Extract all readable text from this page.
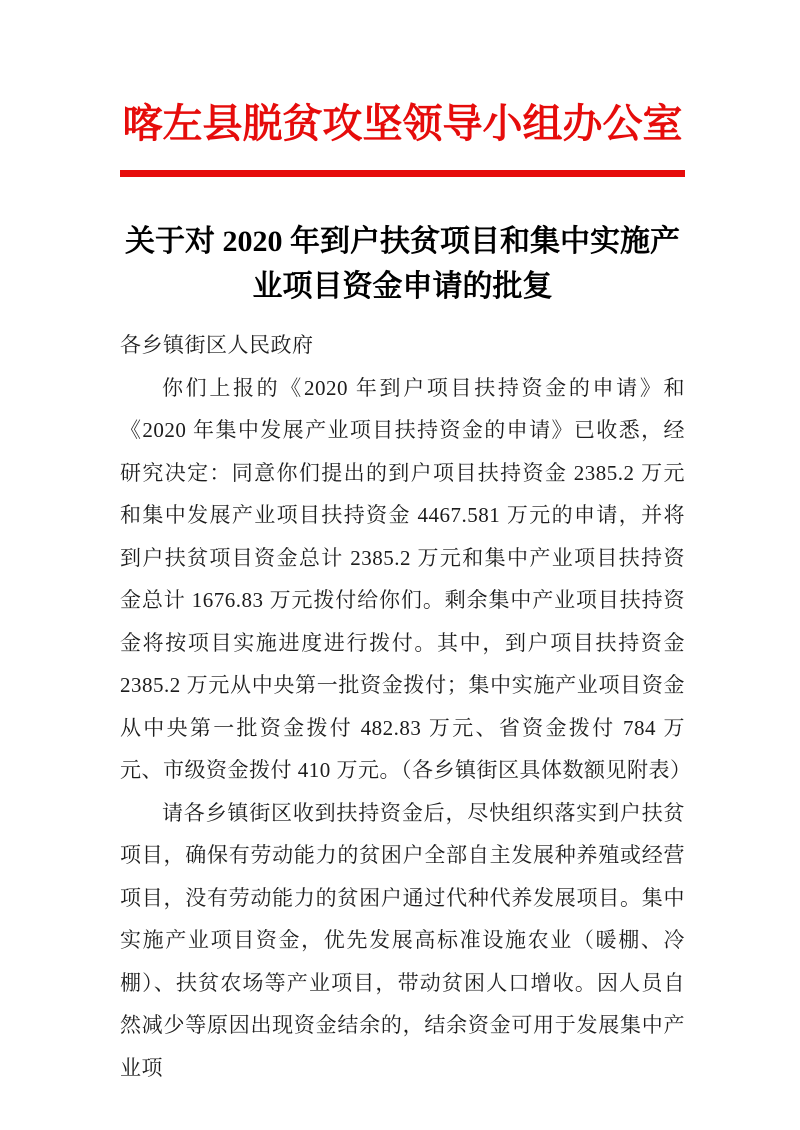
喀左县脱贫攻坚领导小组办公室
关于对 2020 年到户扶贫项目和集中实施产业项目资金申请的批复

各乡镇街区人民政府

你们上报的《2020 年到户项目扶持资金的申请》和《2020 年集中发展产业项目扶持资金的申请》已收悉，经研究决定：同意你们提出的到户项目扶持资金 2385.2 万元和集中发展产业项目扶持资金 4467.581 万元的申请，并将到户扶贫项目资金总计 2385.2 万元和集中产业项目扶持资金总计 1676.83 万元拨付给你们。剩余集中产业项目扶持资金将按项目实施进度进行拨付。其中，到户项目扶持资金 2385.2 万元从中央第一批资金拨付；集中实施产业项目资金从中央第一批资金拨付 482.83 万元、省资金拨付 784 万元、市级资金拨付 410 万元。（各乡镇街区具体数额见附表）

请各乡镇街区收到扶持资金后，尽快组织落实到户扶贫项目，确保有劳动能力的贫困户全部自主发展种养殖或经营项目，没有劳动能力的贫困户通过代种代养发展项目。集中实施产业项目资金，优先发展高标准设施农业（暖棚、冷棚）、扶贫农场等产业项目，带动贫困人口增收。因人员自然减少等原因出现资金结余的，结余资金可用于发展集中产业项
